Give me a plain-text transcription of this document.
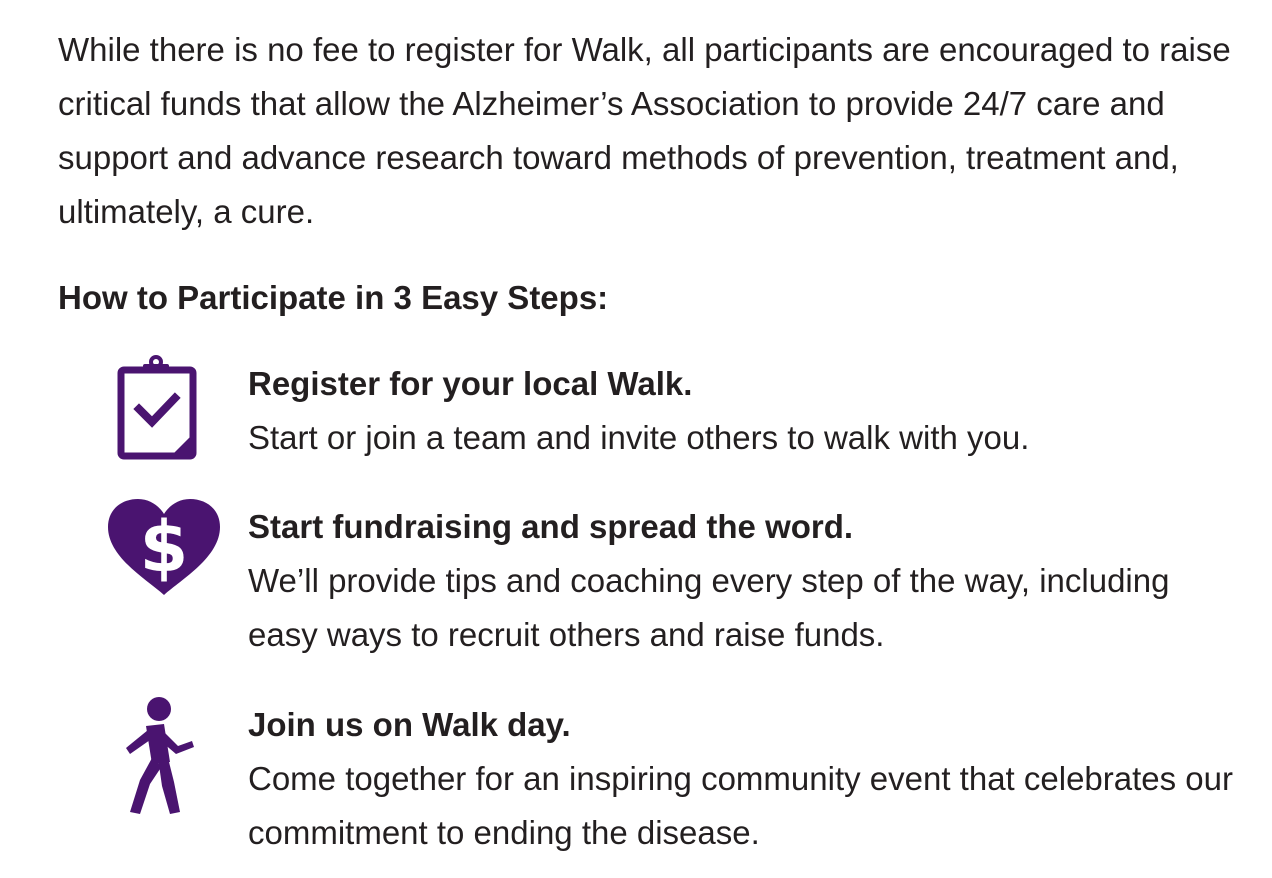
While there is no fee to register for Walk, all participants are encouraged to raise critical funds that allow the Alzheimer’s Association to provide 24/7 care and support and advance research toward methods of prevention, treatment and, ultimately, a cure.

How to Participate in 3 Easy Steps:

Register for your local Walk.

Start or join a team and invite others to walk with you.

$ Start fundraising and spread the word.

We’ll provide tips and coaching every step of the way, including easy ways to recruit others and raise funds.

Join us on Walk day.

Come together for an inspiring community event that celebrates our commitment to ending the disease.
